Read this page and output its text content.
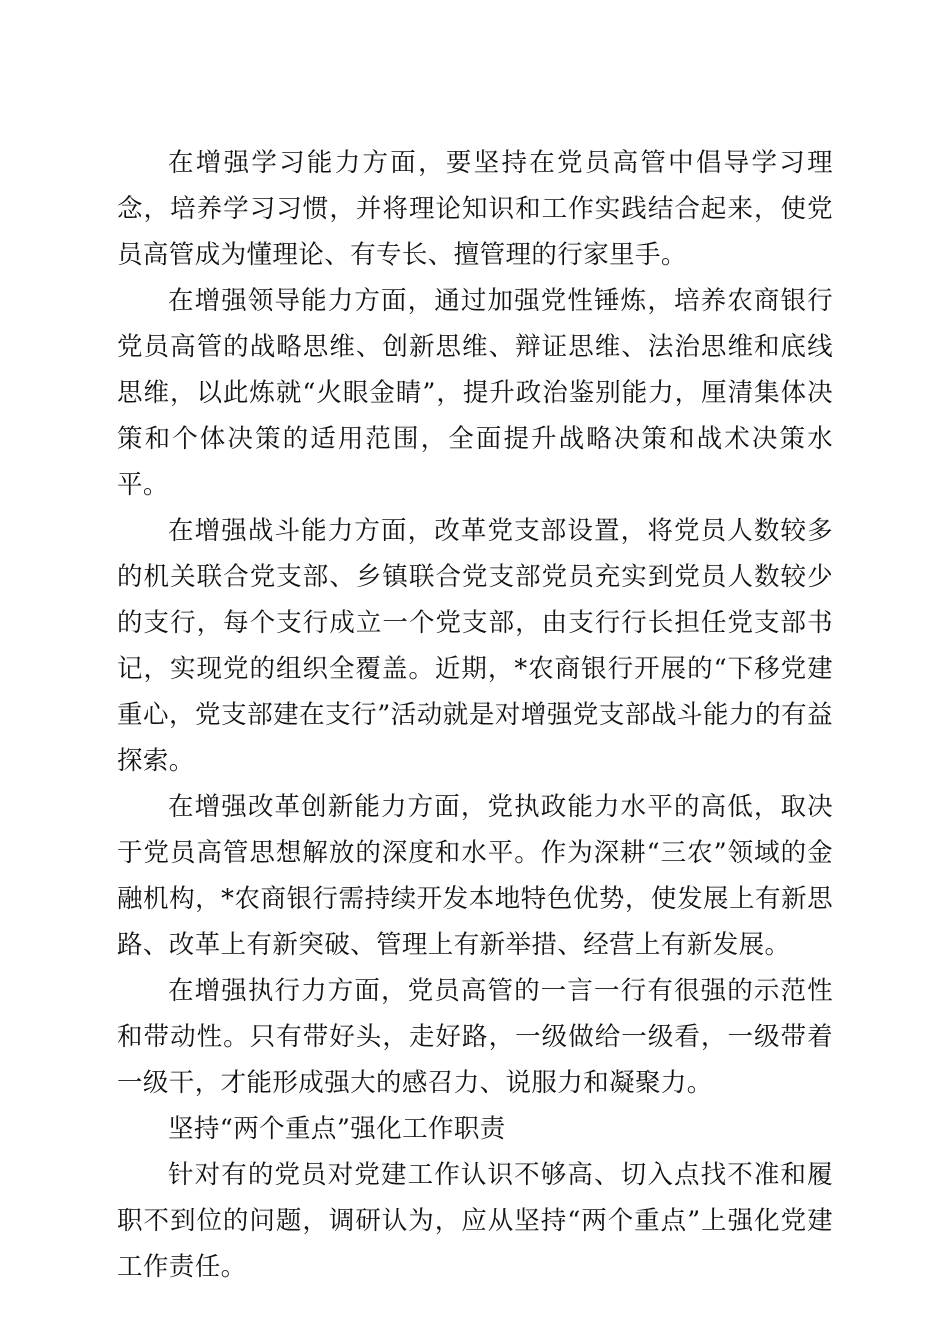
在增强学习能力方面，要坚持在党员高管中倡导学习理念，培养学习习惯，并将理论知识和工作实践结合起来，使党员高管成为懂理论、有专长、擅管理的行家里手。

在增强领导能力方面，通过加强党性锤炼，培养农商银行党员高管的战略思维、创新思维、辩证思维、法治思维和底线思维，以此炼就“火眼金睛”，提升政治鉴别能力，厘清集体决策和个体决策的适用范围，全面提升战略决策和战术决策水平。

在增强战斗能力方面，改革党支部设置，将党员人数较多的机关联合党支部、乡镇联合党支部党员充实到党员人数较少的支行，每个支行成立一个党支部，由支行行长担任党支部书记，实现党的组织全覆盖。近期，*农商银行开展的“下移党建重心，党支部建在支行”活动就是对增强党支部战斗能力的有益探索。

在增强改革创新能力方面，党执政能力水平的高低，取决于党员高管思想解放的深度和水平。作为深耕“三农”领域的金融机构，*农商银行需持续开发本地特色优势，使发展上有新思路、改革上有新突破、管理上有新举措、经营上有新发展。

在增强执行力方面，党员高管的一言一行有很强的示范性和带动性。只有带好头，走好路，一级做给一级看，一级带着一级干，才能形成强大的感召力、说服力和凝聚力。

坚持“两个重点”强化工作职责

针对有的党员对党建工作认识不够高、切入点找不准和履职不到位的问题，调研认为，应从坚持“两个重点”上强化党建工作责任。
